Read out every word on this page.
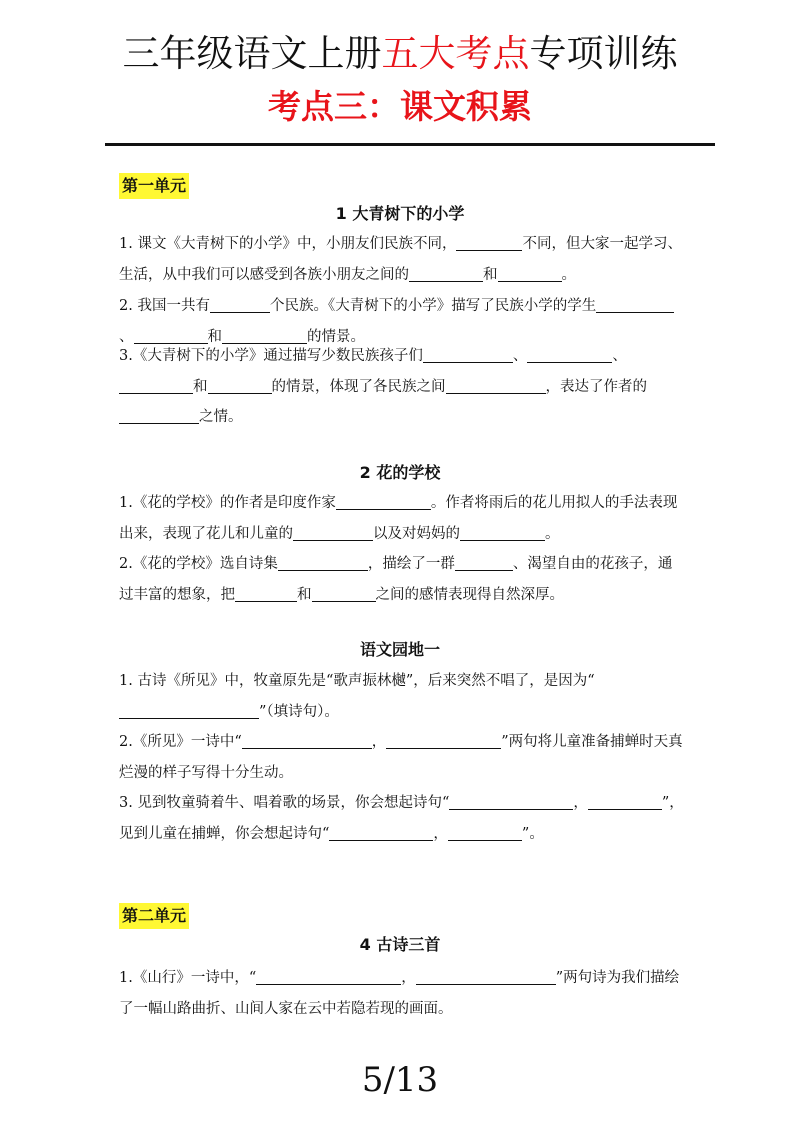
三年级语文上册五大考点专项训练
考点三：课文积累
第一单元
1 大青树下的小学
1. 课文《大青树下的小学》中，小朋友们民族不同，	不同，但大家一起学习、生活，从中我们可以感受到各族小朋友之间的	和	。
2. 我国一共有	个民族。《大青树下的小学》描写了民族小学的学生、	和	的情景。
3.《大青树下的小学》通过描写少数民族孩子们	、	、和	的情景，体现了各民族之间	，表达了作者的之情。
2 花的学校
1.《花的学校》的作者是印度作家	。作者将雨后的花儿用拟人的手法表现出来，表现了花儿和儿童的	以及对妈妈的	。
2.《花的学校》选自诗集	，描绘了一群	、渴望自由的花孩子，通过丰富的想象，把	和	之间的感情表现得自然深厚。
语文园地一
1. 古诗《所见》中，牧童原先是“歌声振林樾”，后来突然不唱了，是因为“”（填诗句）。
2.《所见》一诗中“	，	”两句将儿童准备捕蝉时天真烂漫的样子写得十分生动。
3. 见到牧童骑着牛、唱着歌的场景，你会想起诗句“	，	”，见到儿童在捕蝉，你会想起诗句“	，	”。
第二单元
4 古诗三首
1.《山行》一诗中，“	，	”两句诗为我们描绘了一幅山路曲折、山间人家在云中若隐若现的画面。
5/13
